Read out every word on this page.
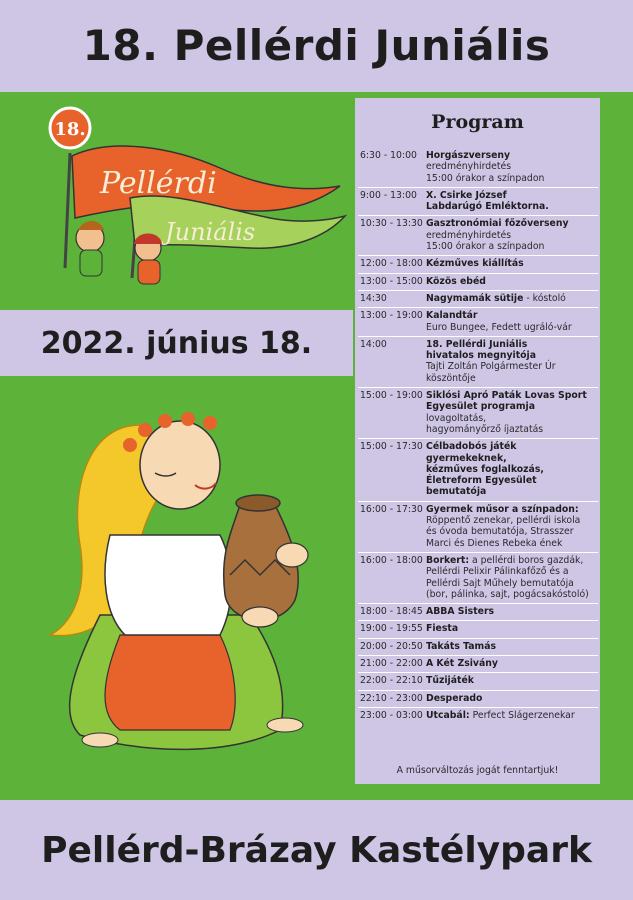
18. Pellérdi Juniális
18.
Pellérdi
Juniális
2022. június 18.
Program
6:30 - 10:00 Horgászverseny
eredményhirdetés
15:00 órakor a színpadon
9:00 - 13:00 X. Csirke József
Labdarúgó Emléktorna.
10:30 - 13:30 Gasztronómiai főzőverseny
eredményhirdetés
15:00 órakor a színpadon
12:00 - 18:00 Kézműves kiállítás
13:00 - 15:00 Közös ebéd
14:30	Nagymamák sütije - kóstoló
13:00 - 19:00 Kalandtár
Euro Bungee, Fedett ugráló-vár
14:00	18. Pellérdi Juniális
hivatalos megnyitója
Tajti Zoltán Polgármester Úr
köszöntője
15:00 - 19:00 Siklósi Apró Paták Lovas Sport
Egyesület programja
lovagoltatás,
hagyományőrző íjaztatás
15:00 - 17:30 Célbadobós játék gyermekeknek,
kézműves foglalkozás,
Életreform Egyesület bemutatója
16:00 - 17:30 Gyermek műsor a színpadon:
Röppentő zenekar, pellérdi iskola
és óvoda bemutatója, Strasszer
Marci és Dienes Rebeka ének
16:00 - 18:00 Borkert: a pellérdi boros gazdák,
Pellérdi Pelixir Pálinkafőző és a
Pellérdi Sajt Műhely bemutatója
(bor, pálinka, sajt, pogácsakóstoló)
18:00 - 18:45 ABBA Sisters
19:00 - 19:55 Fiesta
20:00 - 20:50 Takáts Tamás
21:00 - 22:00 A Két Zsivány
22:00 - 22:10 Tűzijáték
22:10 - 23:00 Desperado
23:00 - 03:00 Utcabál: Perfect Slágerzenekar
A műsorváltozás jogát fenntartjuk!
Pellérd-Brázay Kastélypark
